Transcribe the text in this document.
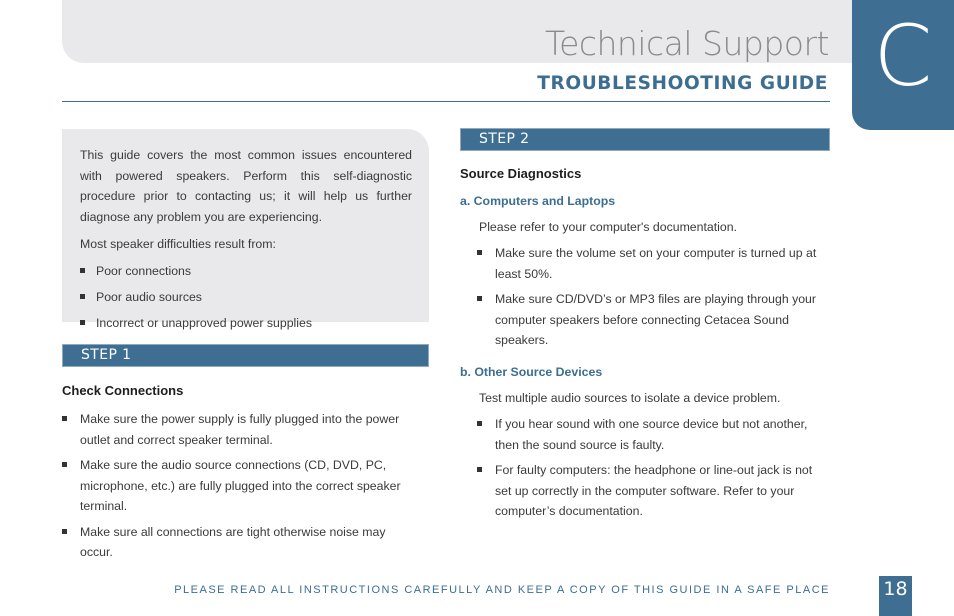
Technical Support
TROUBLESHOOTING GUIDE C

This guide covers the most common issues encountered with powered speakers. Perform this self-diagnostic procedure prior to contacting us; it will help us further diagnose any problem you are experiencing.

Most speaker difficulties result from:

Poor connections
Poor audio sources
Incorrect or unapproved power supplies
STEP 1
Check Connections
Make sure the power supply is fully plugged into the power outlet and correct speaker terminal.
Make sure the audio source connections (CD, DVD, PC, microphone, etc.) are fully plugged into the correct speaker terminal.
Make sure all connections are tight otherwise noise may occur.
STEP 2
Source Diagnostics
a. Computers and Laptops
Please refer to your computer's documentation.
Make sure the volume set on your computer is turned up at least 50%.
Make sure CD/DVD’s or MP3 files are playing through your computer speakers before connecting Cetacea Sound speakers.
b. Other Source Devices
Test multiple audio sources to isolate a device problem.
If you hear sound with one source device but not another, then the sound source is faulty.
For faulty computers: the headphone or line-out jack is not set up correctly in the computer software. Refer to your computer’s documentation.
PLEASE READ ALL INSTRUCTIONS CAREFULLY AND KEEP A COPY OF THIS GUIDE IN A SAFE PLACE	18
